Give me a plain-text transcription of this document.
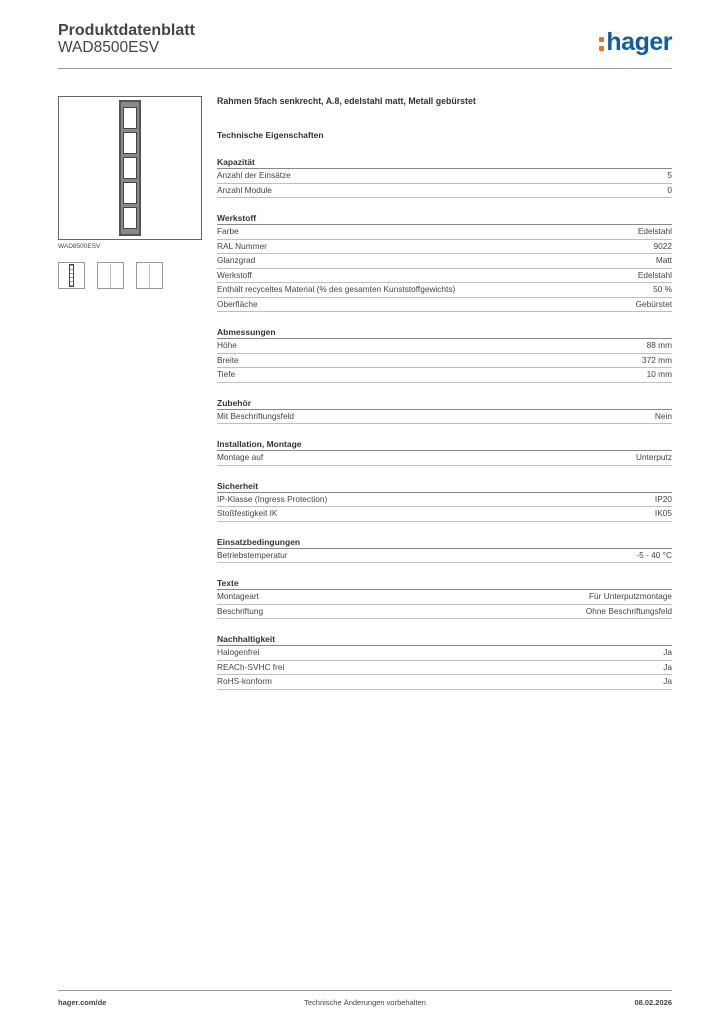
Produktdatenblatt
WAD8500ESV	hager
WAD8500ESV
Rahmen 5fach senkrecht, A.8, edelstahl matt, Metall gebürstet
Technische Eigenschaften
Kapazität
Anzahl der Einsätze	5
Anzahl Module	0
Werkstoff
Farbe	Edelstahl
RAL Nummer	9022
Glanzgrad	Matt
Werkstoff	Edelstahl
Enthält recyceltes Material (% des gesamten Kunststoffgewichts)	50 %
Oberfläche	Gebürstet
Abmessungen
Höhe	88 mm
Breite	372 mm
Tiefe	10 mm
Zubehör
Mit Beschriftungsfeld	Nein
Installation, Montage
Montage auf	Unterputz
Sicherheit
IP-Klasse (Ingress Protection)	IP20
Stoßfestigkeit IK	IK05
Einsatzbedingungen
Betriebstemperatur	-5 - 40 °C
Texte
Montageart	Für Unterputzmontage
Beschriftung	Ohne Beschriftungsfeld
Nachhaltigkeit
Halogenfrei	Ja
REACh-SVHC frei	Ja
RoHS-konform	Ja
hager.com/de	Technische Änderungen vorbehalten	08.02.2026
